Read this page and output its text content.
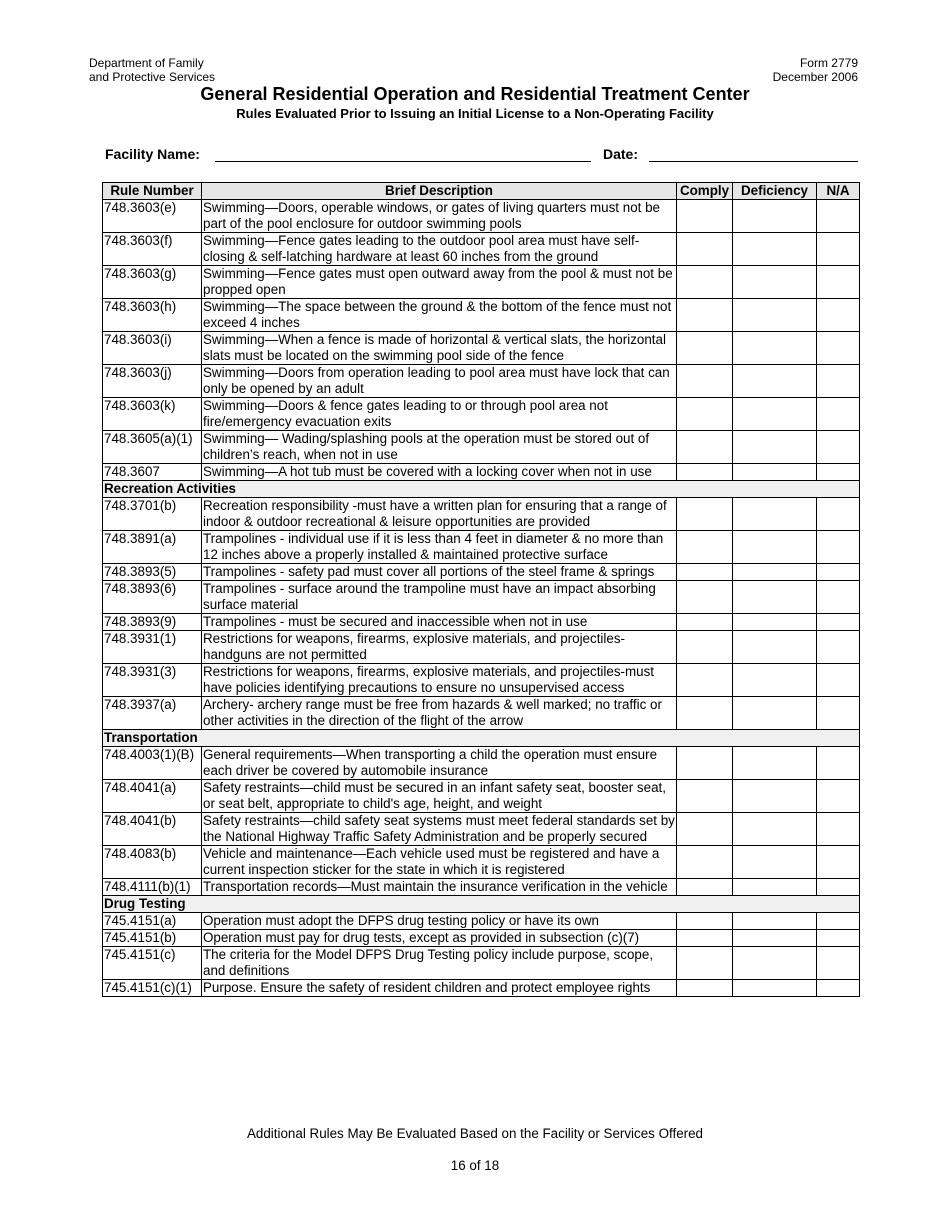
Department of Family
and Protective Services
Form 2779
December 2006
General Residential Operation and Residential Treatment Center
Rules Evaluated Prior to Issuing an Initial License to a Non-Operating Facility
Facility Name:	Date:
Rule Number	Brief Description	Comply	Deficiency	N/A
748.3603(e)	Swimming—Doors, operable windows, or gates of living quarters must not be part of the pool enclosure for outdoor swimming pools			
748.3603(f)	Swimming—Fence gates leading to the outdoor pool area must have self-closing & self-latching hardware at least 60 inches from the ground			
748.3603(g)	Swimming—Fence gates must open outward away from the pool & must not be propped open			
748.3603(h)	Swimming—The space between the ground & the bottom of the fence must not exceed 4 inches			
748.3603(i)	Swimming—When a fence is made of horizontal & vertical slats, the horizontal slats must be located on the swimming pool side of the fence			
748.3603(j)	Swimming—Doors from operation leading to pool area must have lock that can only be opened by an adult			
748.3603(k)	Swimming—Doors & fence gates leading to or through pool area not fire/emergency evacuation exits			
748.3605(a)(1)	Swimming— Wading/splashing pools at the operation must be stored out of children’s reach, when not in use			
748.3607	Swimming—A hot tub must be covered with a locking cover when not in use			
Recreation Activities				
748.3701(b)	Recreation responsibility -must have a written plan for ensuring that a range of indoor & outdoor recreational & leisure opportunities are provided			
748.3891(a)	Trampolines - individual use if it is less than 4 feet in diameter & no more than 12 inches above a properly installed & maintained protective surface			
748.3893(5)	Trampolines - safety pad must cover all portions of the steel frame & springs			
748.3893(6)	Trampolines - surface around the trampoline must have an impact absorbing surface material			
748.3893(9)	Trampolines - must be secured and inaccessible when not in use			
748.3931(1)	Restrictions for weapons, firearms, explosive materials, and projectiles-handguns are not permitted			
748.3931(3)	Restrictions for weapons, firearms, explosive materials, and projectiles-must have policies identifying precautions to ensure no unsupervised access			
748.3937(a)	Archery- archery range must be free from hazards & well marked; no traffic or other activities in the direction of the flight of the arrow			
Transportation				
748.4003(1)(B)	General requirements—When transporting a child the operation must ensure each driver be covered by automobile insurance			
748.4041(a)	Safety restraints—child must be secured in an infant safety seat, booster seat, or seat belt, appropriate to child's age, height, and weight			
748.4041(b)	Safety restraints—child safety seat systems must meet federal standards set by the National Highway Traffic Safety Administration and be properly secured			
748.4083(b)	Vehicle and maintenance—Each vehicle used must be registered and have a current inspection sticker for the state in which it is registered			
748.4111(b)(1)	Transportation records—Must maintain the insurance verification in the vehicle			
Drug Testing				
745.4151(a)	Operation must adopt the DFPS drug testing policy or have its own			
745.4151(b)	Operation must pay for drug tests, except as provided in subsection (c)(7)			
745.4151(c)	The criteria for the Model DFPS Drug Testing policy include purpose, scope, and definitions			
745.4151(c)(1)	Purpose. Ensure the safety of resident children and protect employee rights			
Additional Rules May Be Evaluated Based on the Facility or Services Offered
16 of 18
